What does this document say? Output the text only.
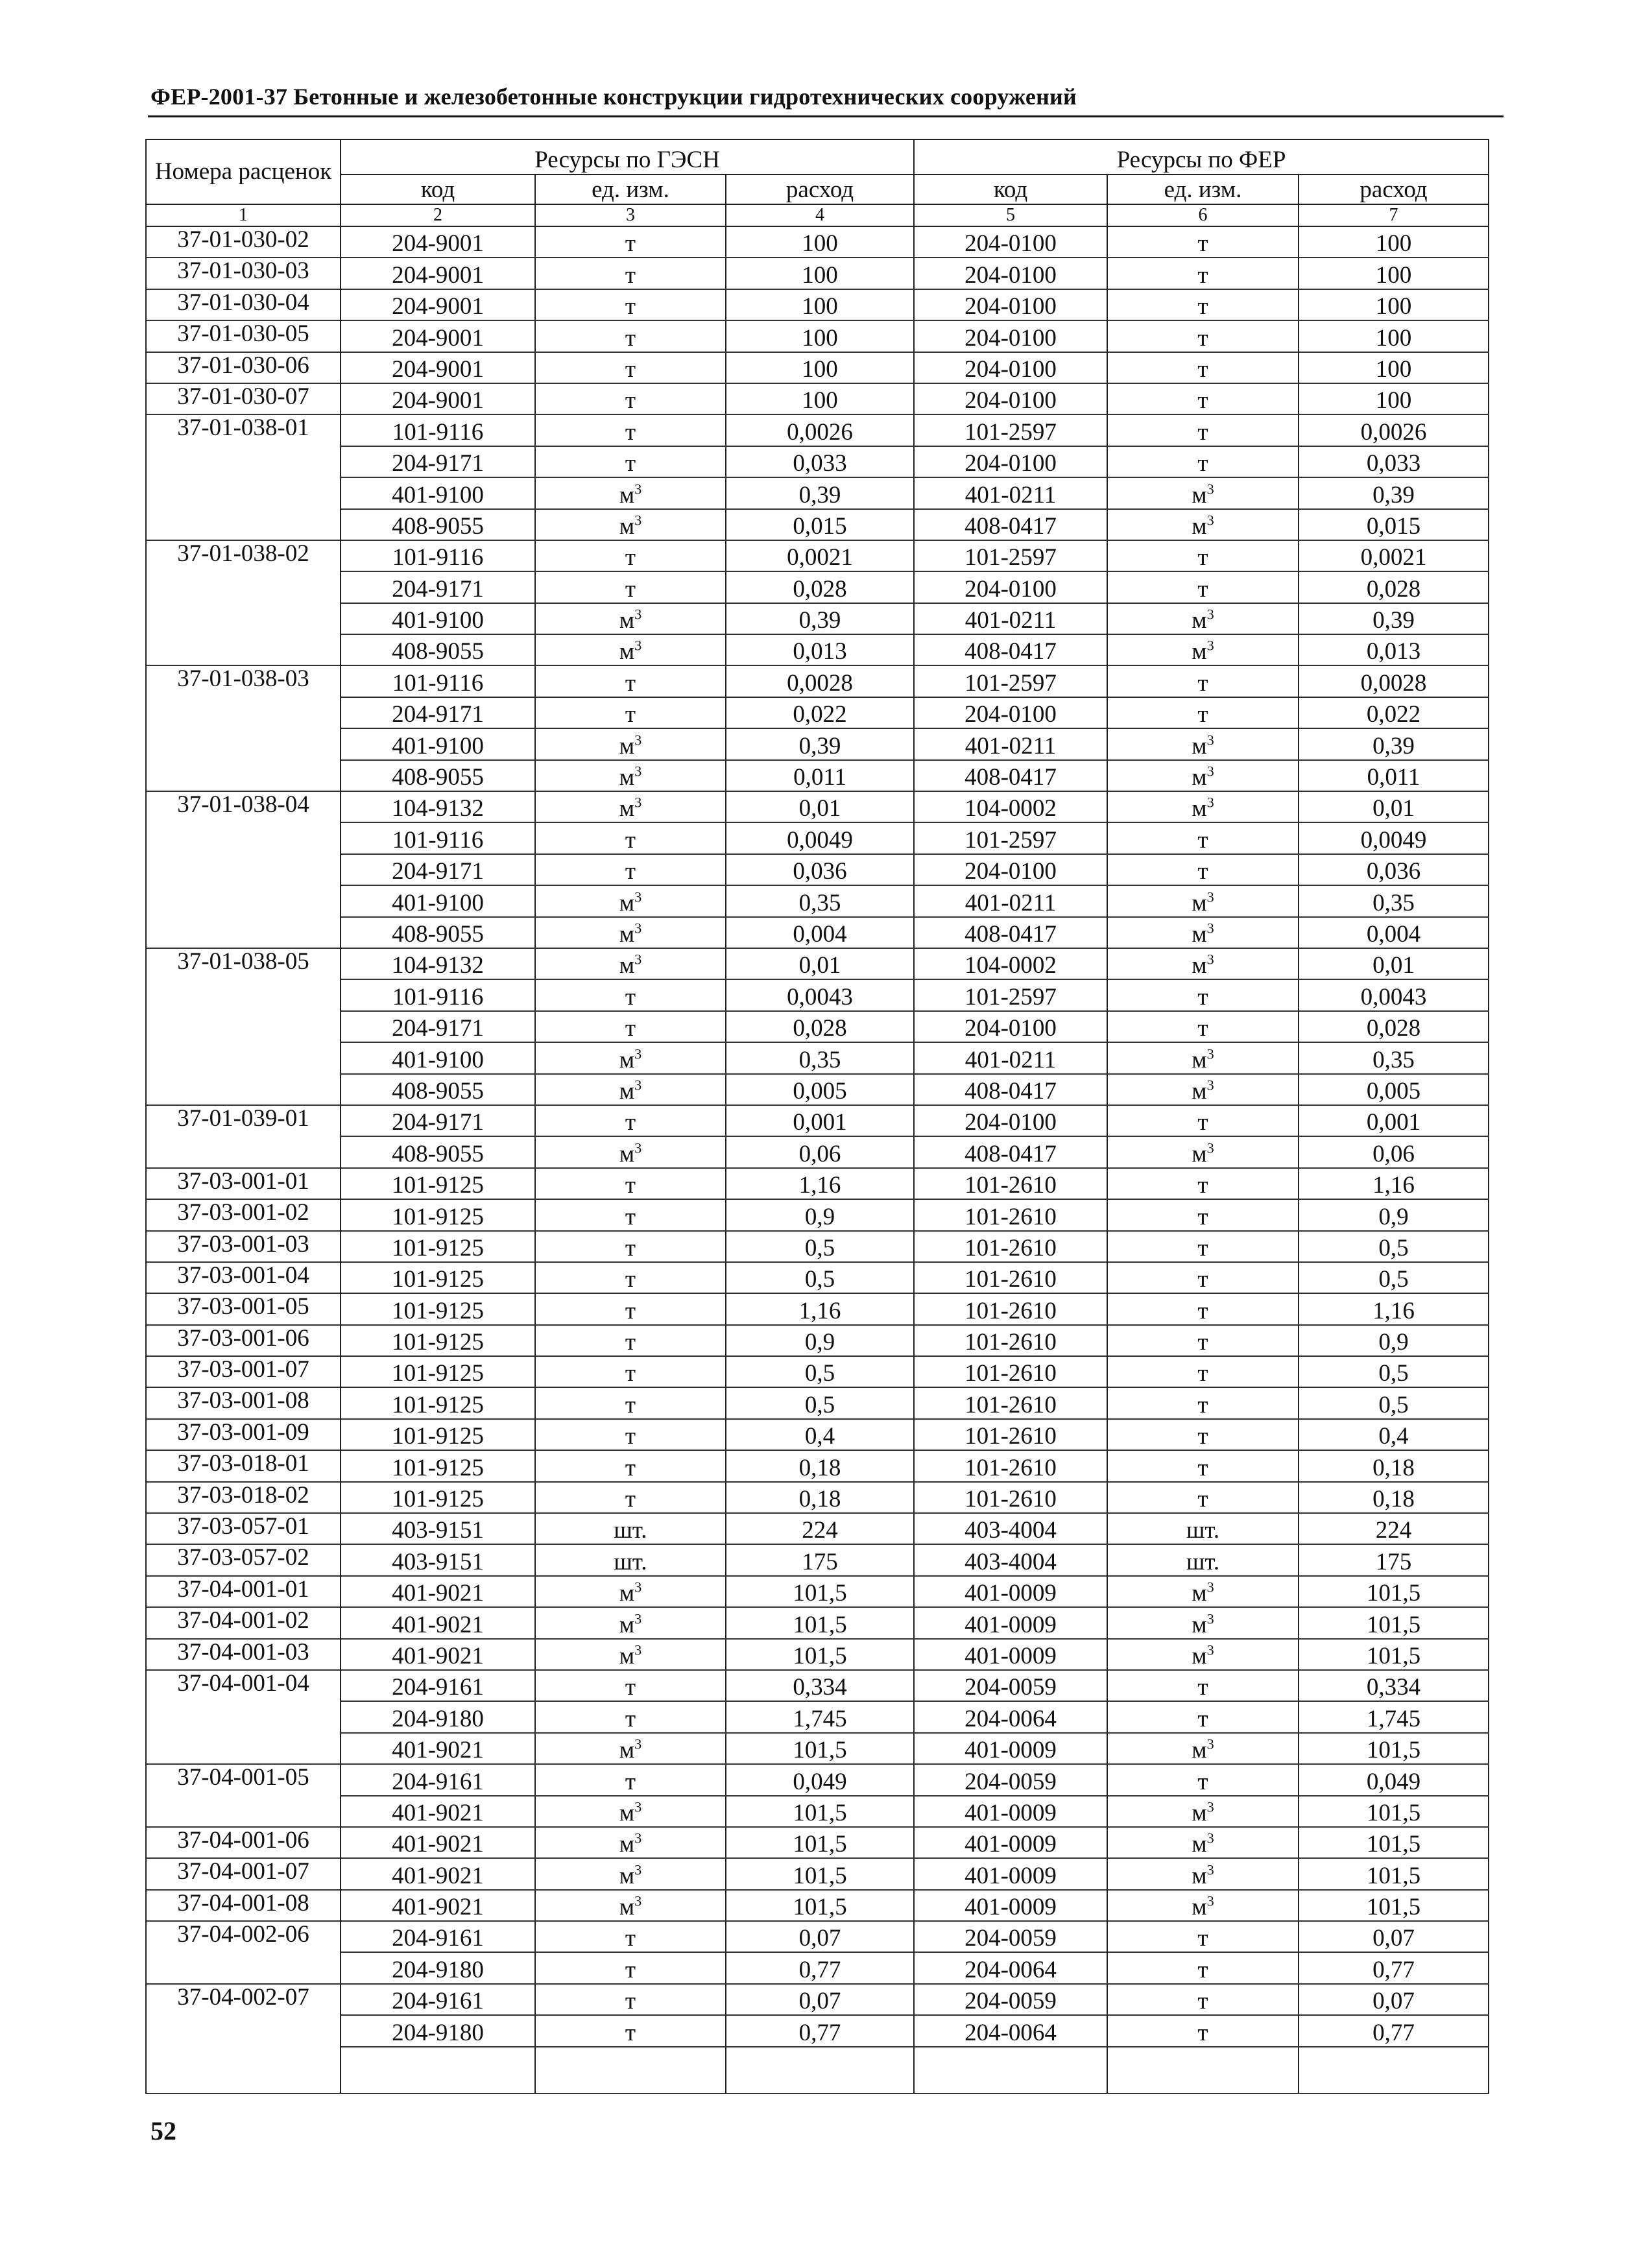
ФЕР-2001-37 Бетонные и железобетонные конструкции гидротехнических сооружений
Номера расценок	Ресурсы по ГЭСН			Ресурсы по ФЕР		
	код	ед. изм.	расход	код	ед. изм.	расход
1	2	3	4	5	6	7
37-01-030-02	204-9001	т	100	204-0100	т	100
37-01-030-03	204-9001	т	100	204-0100	т	100
37-01-030-04	204-9001	т	100	204-0100	т	100
37-01-030-05	204-9001	т	100	204-0100	т	100
37-01-030-06	204-9001	т	100	204-0100	т	100
37-01-030-07	204-9001	т	100	204-0100	т	100
37-01-038-01	101-9116	т	0,0026	101-2597	т	0,0026
	204-9171	т	0,033	204-0100	т	0,033
	401-9100	$м^3$	0,39	401-0211	$м^3$	0,39
	408-9055	$м^3$	0,015	408-0417	$м^3$	0,015
37-01-038-02	101-9116	т	0,0021	101-2597	т	0,0021
	204-9171	т	0,028	204-0100	т	0,028
	401-9100	$м^3$	0,39	401-0211	$м^3$	0,39
	408-9055	$м^3$	0,013	408-0417	$м^3$	0,013
37-01-038-03	101-9116	т	0,0028	101-2597	т	0,0028
	204-9171	т	0,022	204-0100	т	0,022
	401-9100	$м^3$	0,39	401-0211	$м^3$	0,39
	408-9055	$м^3$	0,011	408-0417	$м^3$	0,011
37-01-038-04	104-9132	$м^3$	0,01	104-0002	$м^3$	0,01
	101-9116	т	0,0049	101-2597	т	0,0049
	204-9171	т	0,036	204-0100	т	0,036
	401-9100	$м^3$	0,35	401-0211	$м^3$	0,35
	408-9055	$м^3$	0,004	408-0417	$м^3$	0,004
37-01-038-05	104-9132	$м^3$	0,01	104-0002	$м^3$	0,01
	101-9116	т	0,0043	101-2597	т	0,0043
	204-9171	т	0,028	204-0100	т	0,028
	401-9100	$м^3$	0,35	401-0211	$м^3$	0,35
	408-9055	$м^3$	0,005	408-0417	$м^3$	0,005
37-01-039-01	204-9171	т	0,001	204-0100	т	0,001
	408-9055	$м^3$	0,06	408-0417	$м^3$	0,06
37-03-001-01	101-9125	т	1,16	101-2610	т	1,16
37-03-001-02	101-9125	т	0,9	101-2610	т	0,9
37-03-001-03	101-9125	т	0,5	101-2610	т	0,5
37-03-001-04	101-9125	т	0,5	101-2610	т	0,5
37-03-001-05	101-9125	т	1,16	101-2610	т	1,16
37-03-001-06	101-9125	т	0,9	101-2610	т	0,9
37-03-001-07	101-9125	т	0,5	101-2610	т	0,5
37-03-001-08	101-9125	т	0,5	101-2610	т	0,5
37-03-001-09	101-9125	т	0,4	101-2610	т	0,4
37-03-018-01	101-9125	т	0,18	101-2610	т	0,18
37-03-018-02	101-9125	т	0,18	101-2610	т	0,18
37-03-057-01	403-9151	шт.	224	403-4004	шт.	224
37-03-057-02	403-9151	шт.	175	403-4004	шт.	175
37-04-001-01	401-9021	$м^3$	101,5	401-0009	$м^3$	101,5
37-04-001-02	401-9021	$м^3$	101,5	401-0009	$м^3$	101,5
37-04-001-03	401-9021	$м^3$	101,5	401-0009	$м^3$	101,5
37-04-001-04	204-9161	т	0,334	204-0059	т	0,334
	204-9180	т	1,745	204-0064	т	1,745
	401-9021	$м^3$	101,5	401-0009	$м^3$	101,5
37-04-001-05	204-9161	т	0,049	204-0059	т	0,049
	401-9021	$м^3$	101,5	401-0009	$м^3$	101,5
37-04-001-06	401-9021	$м^3$	101,5	401-0009	$м^3$	101,5
37-04-001-07	401-9021	$м^3$	101,5	401-0009	$м^3$	101,5
37-04-001-08	401-9021	$м^3$	101,5	401-0009	$м^3$	101,5
37-04-002-06	204-9161	т	0,07	204-0059	т	0,07
	204-9180	т	0,77	204-0064	т	0,77
37-04-002-07	204-9161	т	0,07	204-0059	т	0,07
	204-9180	т	0,77	204-0064	т	0,77

52
